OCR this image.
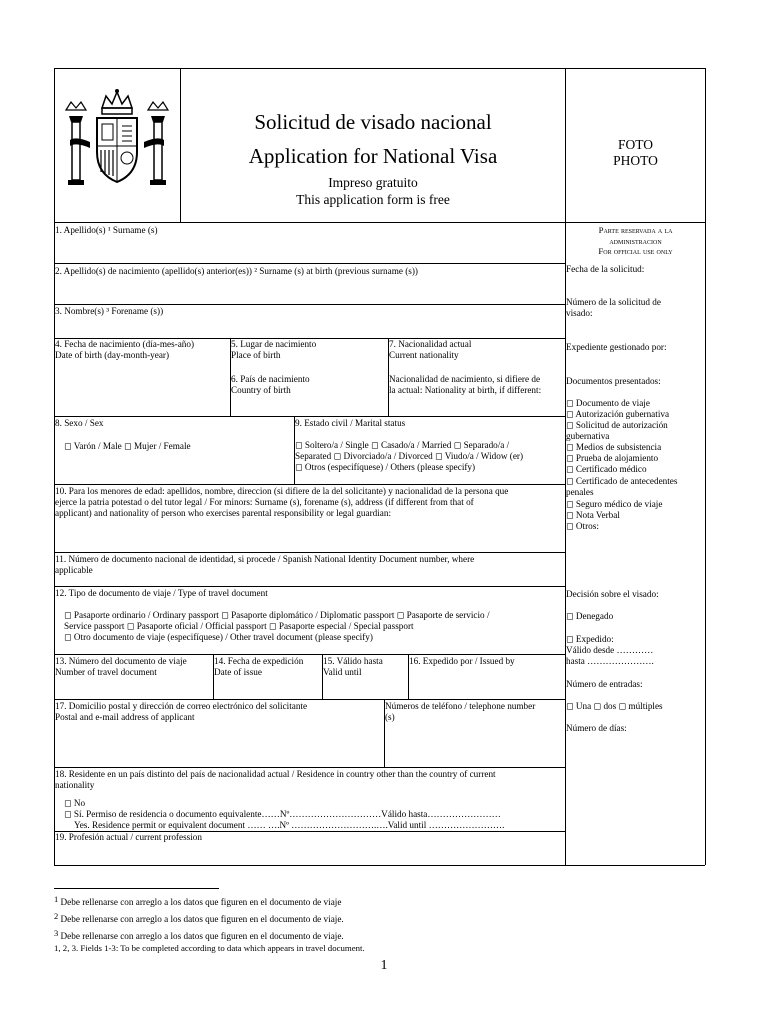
Solicitud de visado nacional
Application for National Visa
Impreso gratuito
This application form is free
FOTO
PHOTO
Parte reservada a la
administracion
For official use only
Fecha de la solicitud:
Número de la solicitud de
visado:
Expediente gestionado por:
Documentos presentados:
◻ Documento de viaje
◻ Autorización gubernativa
◻ Solicitud de autorización
gubernativa
◻ Medios de subsistencia
◻ Prueba de alojamiento
◻ Certificado médico
◻ Certificado de antecedentes
penales
◻ Seguro médico de viaje
◻ Nota Verbal
◻ Otros:
Decisión sobre el visado:
◻ Denegado
◻ Expedido:
Válido desde …………
hasta ………………….
Número de entradas:
◻ Una ◻ dos ◻ múltiples
Número de días:
1. Apellido(s) ¹ Surname (s)
2. Apellido(s) de nacimiento (apellido(s) anterior(es)) ² Surname (s) at birth (previous surname (s))
3. Nombre(s) ³ Forename (s))
4. Fecha de nacimiento (día-mes-año)
Date of birth (day-month-year)
5. Lugar de nacimiento
Place of birth
6. País de nacimiento
Country of birth
7. Nacionalidad actual
Current nationality
Nacionalidad de nacimiento, si difiere de
la actual: Nationality at birth, if different:
8. Sexo / Sex
◻ Varón / Male ◻ Mujer / Female
9. Estado civil / Marital status
◻ Soltero/a / Single ◻ Casado/a / Married ◻ Separado/a /
Separated ◻ Divorciado/a / Divorced ◻ Viudo/a / Widow (er)
◻ Otros (especifíquese) / Others (please specify)
10. Para los menores de edad: apellidos, nombre, direccion (si difiere de la del solicitante) y nacionalidad de la persona que
ejerce la patria potestad o del tutor legal / For minors: Surname (s), forename (s), address (if different from that of
applicant) and nationality of person who exercises parental responsibility or legal guardian:
11. Número de documento nacional de identidad, si procede / Spanish National Identity Document number, where
applicable
12. Tipo de documento de viaje / Type of travel document
◻ Pasaporte ordinario / Ordinary passport ◻ Pasaporte diplomático / Diplomatic passport ◻ Pasaporte de servicio /
Service passport ◻ Pasaporte oficial / Official passport ◻ Pasaporte especial / Special passport
◻ Otro documento de viaje (especifíquese) / Other travel document (please specify)
13. Número del documento de viaje
Number of travel document
14. Fecha de expedición
Date of issue
15. Válido hasta
Valid until
16. Expedido por / Issued by
17. Domicilio postal y dirección de correo electrónico del solicitante
Postal and e-mail address of applicant
Números de teléfono / telephone number
(s)
18. Residente en un país distinto del país de nacionalidad actual / Residence in country other than the country of current
nationality
◻ No
◻ Sí. Permiso de residencia o documento equivalente……Nº…………………………Válido hasta……………………
Yes. Residence permit or equivalent document …… ….Nº ……………………….….Valid until …………………….
19. Profesión actual / current profession
$^1$ Debe rellenarse con arreglo a los datos que figuren en el documento de viaje
$^2$ Debe rellenarse con arreglo a los datos que figuren en el documento de viaje.
$^3$ Debe rellenarse con arreglo a los datos que figuren en el documento de viaje.
1, 2, 3. Fields 1-3: To be completed according to data which appears in travel document.
1
